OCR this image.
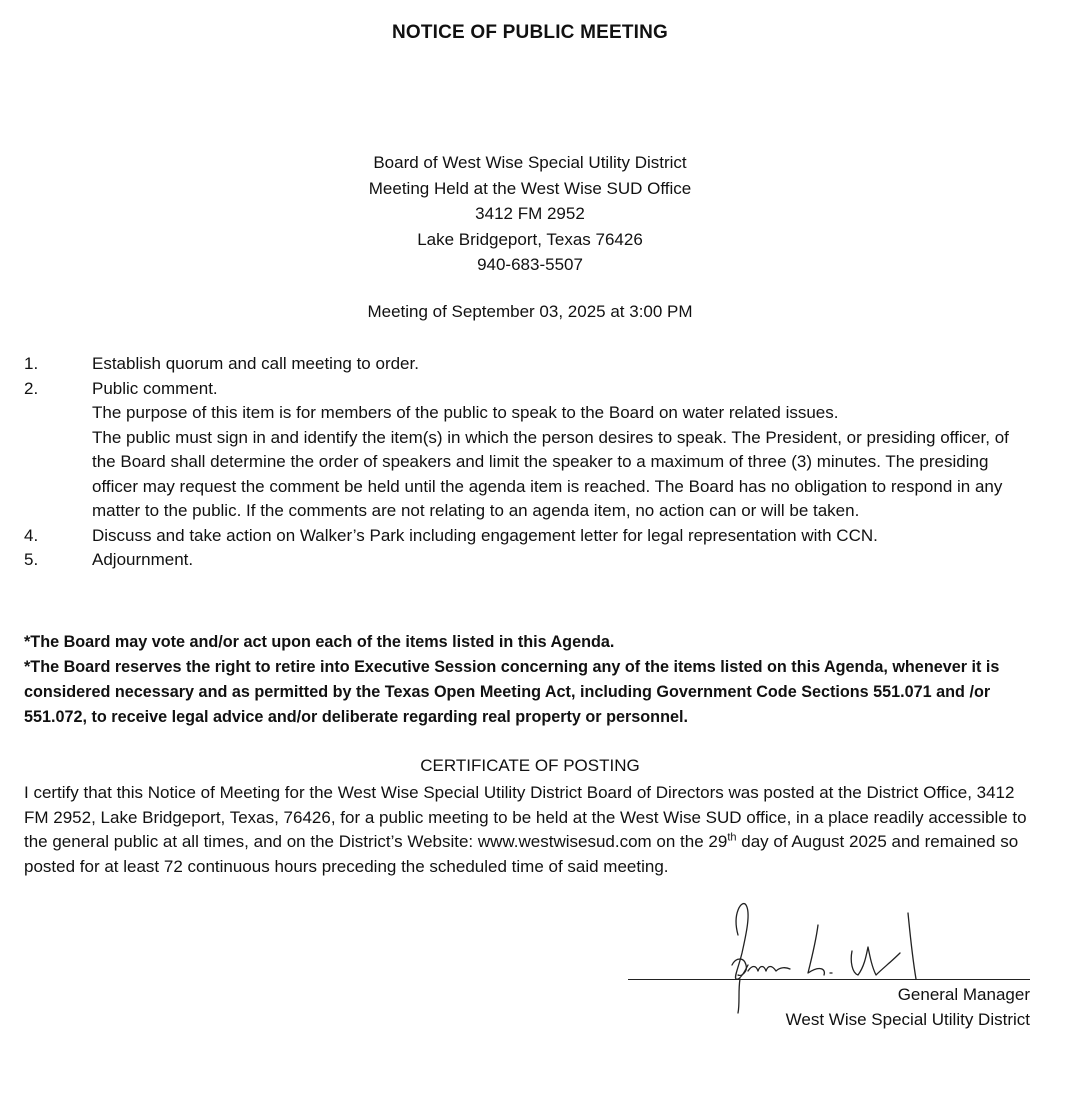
NOTICE OF PUBLIC MEETING
Board of West Wise Special Utility District
Meeting Held at the West Wise SUD Office
3412 FM 2952
Lake Bridgeport, Texas 76426
940-683-5507
Meeting of September 03, 2025 at 3:00 PM
1.	Establish quorum and call meeting to order.
2.	Public comment.
The purpose of this item is for members of the public to speak to the Board on water related issues.
The public must sign in and identify the item(s) in which the person desires to speak. The President, or presiding officer, of the Board shall determine the order of speakers and limit the speaker to a maximum of three (3) minutes. The presiding officer may request the comment be held until the agenda item is reached. The Board has no obligation to respond in any matter to the public. If the comments are not relating to an agenda item, no action can or will be taken.
4.	Discuss and take action on Walker’s Park including engagement letter for legal representation with CCN.
5.	Adjournment.
*The Board may vote and/or act upon each of the items listed in this Agenda.
*The Board reserves the right to retire into Executive Session concerning any of the items listed on this Agenda, whenever it is considered necessary and as permitted by the Texas Open Meeting Act, including Government Code Sections 551.071 and /or 551.072, to receive legal advice and/or deliberate regarding real property or personnel.
CERTIFICATE OF POSTING
I certify that this Notice of Meeting for the West Wise Special Utility District Board of Directors was posted at the District Office, 3412 FM 2952, Lake Bridgeport, Texas, 76426, for a public meeting to be held at the West Wise SUD office, in a place readily accessible to the general public at all times, and on the District’s Website: www.westwisesud.com on the 29th day of August 2025 and remained so posted for at least 72 continuous hours preceding the scheduled time of said meeting.
General Manager
West Wise Special Utility District
